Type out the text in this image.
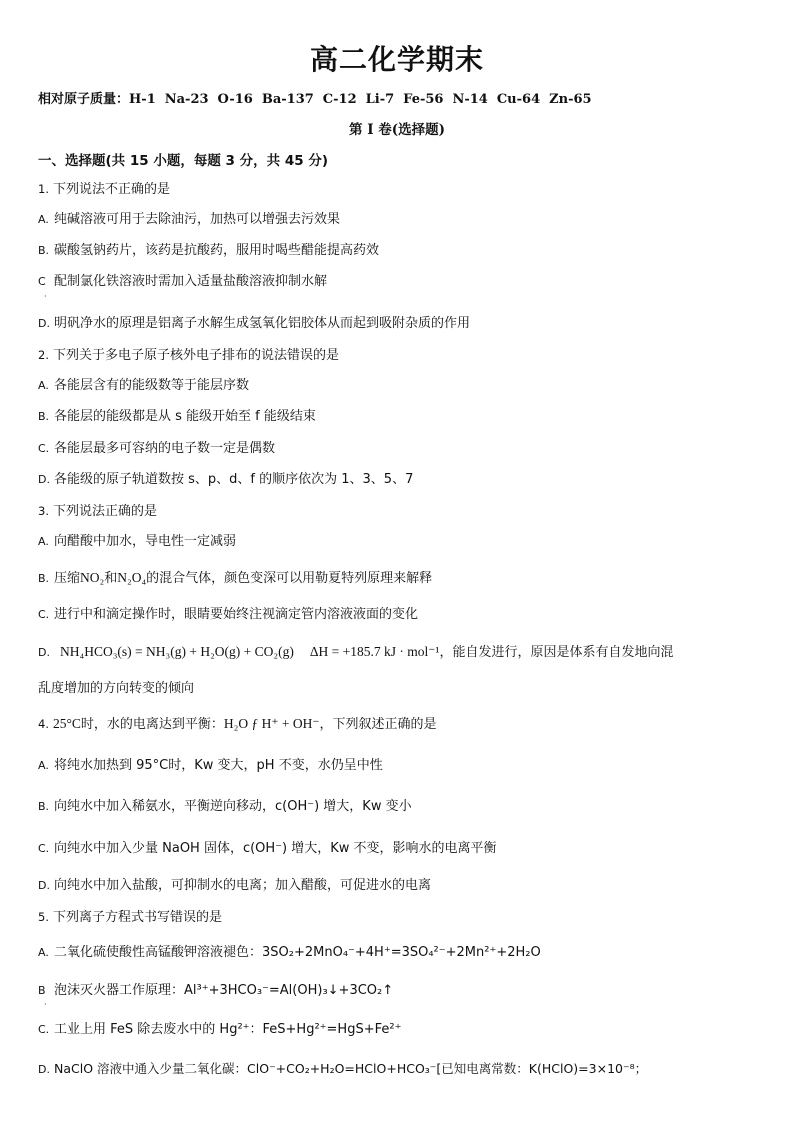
高二化学期末
相对原子质量：H-1 Na-23 O-16 Ba-137 C-12 Li-7 Fe-56 N-14 Cu-64 Zn-65
第 I 卷(选择题)
一、选择题(共 15 小题，每题 3 分，共 45 分)
1. 下列说法不正确的是
A. 纯碱溶液可用于去除油污，加热可以增强去污效果
B. 碳酸氢钠药片，该药是抗酸药，服用时喝些醋能提高药效
C 配制氯化铁溶液时需加入适量盐酸溶液抑制水解
·
D. 明矾净水的原理是铝离子水解生成氢氧化铝胶体从而起到吸附杂质的作用
2. 下列关于多电子原子核外电子排布的说法错误的是
A. 各能层含有的能级数等于能层序数
B. 各能层的能级都是从 s 能级开始至 f 能级结束
C. 各能层最多可容纳的电子数一定是偶数
D. 各能级的原子轨道数按 s、p、d、f 的顺序依次为 1、3、5、7
3. 下列说法正确的是
A. 向醋酸中加水，导电性一定减弱
B. 压缩NO₂和N₂O₄的混合气体，颜色变深可以用勒夏特列原理来解释
C. 进行中和滴定操作时，眼睛要始终注视滴定管内溶液液面的变化
D. NH₄HCO₃(s) = NH₃(g) + H₂O(g) + CO₂(g) ΔH = +185.7 kJ · mol⁻¹，能自发进行，原因是体系有自发地向混
乱度增加的方向转变的倾向
4. 25°C时，水的电离达到平衡：H₂O ƒ H⁺ + OH⁻，下列叙述正确的是
A. 将纯水加热到 95°C时，Kw 变大，pH 不变，水仍呈中性
B. 向纯水中加入稀氨水，平衡逆向移动，c(OH⁻) 增大，Kw 变小
C. 向纯水中加入少量 NaOH 固体，c(OH⁻) 增大，Kw 不变，影响水的电离平衡
D. 向纯水中加入盐酸，可抑制水的电离；加入醋酸，可促进水的电离
5. 下列离子方程式书写错误的是
A. 二氧化硫使酸性高锰酸钾溶液褪色：3SO₂+2MnO₄⁻+4H⁺=3SO₄²⁻+2Mn²⁺+2H₂O
B 泡沫灭火器工作原理：Al³⁺+3HCO₃⁻=Al(OH)₃↓+3CO₂↑
·
C. 工业上用 FeS 除去废水中的 Hg²⁺：FeS+Hg²⁺=HgS+Fe²⁺
D. NaClO 溶液中通入少量二氧化碳：ClO⁻+CO₂+H₂O=HClO+HCO₃⁻[已知电离常数：K(HClO)=3×10⁻⁸；
